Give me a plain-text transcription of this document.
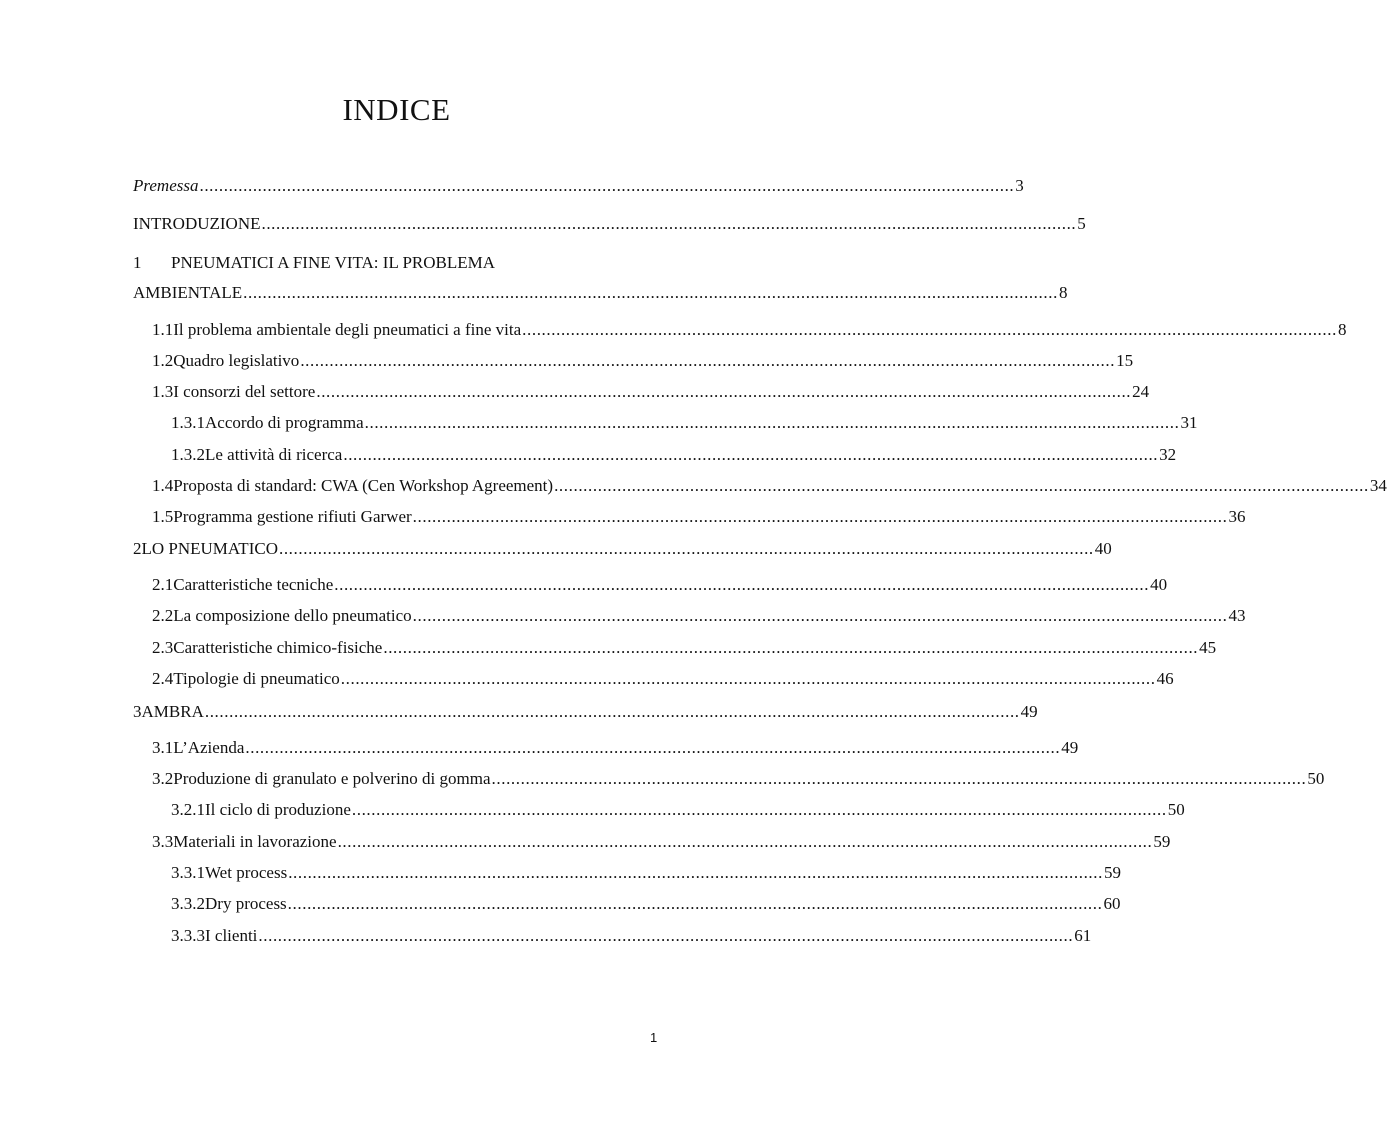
INDICE
Premessa ........................................................................................................................................................................ 3
INTRODUZIONE ........................................................................................................................................................................ 5
1	PNEUMATICI A FINE VITA: IL PROBLEMA
AMBIENTALE ........................................................................................................................................................................ 8
1.1 Il problema ambientale degli pneumatici a fine vita ........................................................................................................................................................................ 8
1.2 Quadro legislativo ........................................................................................................................................................................ 15
1.3 I consorzi del settore ........................................................................................................................................................................ 24
1.3.1 Accordo di programma ........................................................................................................................................................................ 31
1.3.2 Le attività di ricerca ........................................................................................................................................................................ 32
1.4 Proposta di standard: CWA (Cen Workshop Agreement) ........................................................................................................................................................................ 34
1.5 Programma gestione rifiuti Garwer ........................................................................................................................................................................ 36
2 LO PNEUMATICO ........................................................................................................................................................................ 40
2.1 Caratteristiche tecniche ........................................................................................................................................................................ 40
2.2 La composizione dello pneumatico ........................................................................................................................................................................ 43
2.3 Caratteristiche chimico-fisiche ........................................................................................................................................................................ 45
2.4 Tipologie di pneumatico ........................................................................................................................................................................ 46
3 AMBRA ........................................................................................................................................................................ 49
3.1 L’Azienda ........................................................................................................................................................................ 49
3.2 Produzione di granulato e polverino di gomma ........................................................................................................................................................................ 50
3.2.1 Il ciclo di produzione ........................................................................................................................................................................ 50
3.3 Materiali in lavorazione ........................................................................................................................................................................ 59
3.3.1 Wet process ........................................................................................................................................................................ 59
3.3.2 Dry process ........................................................................................................................................................................ 60
3.3.3 I clienti ........................................................................................................................................................................ 61
1
